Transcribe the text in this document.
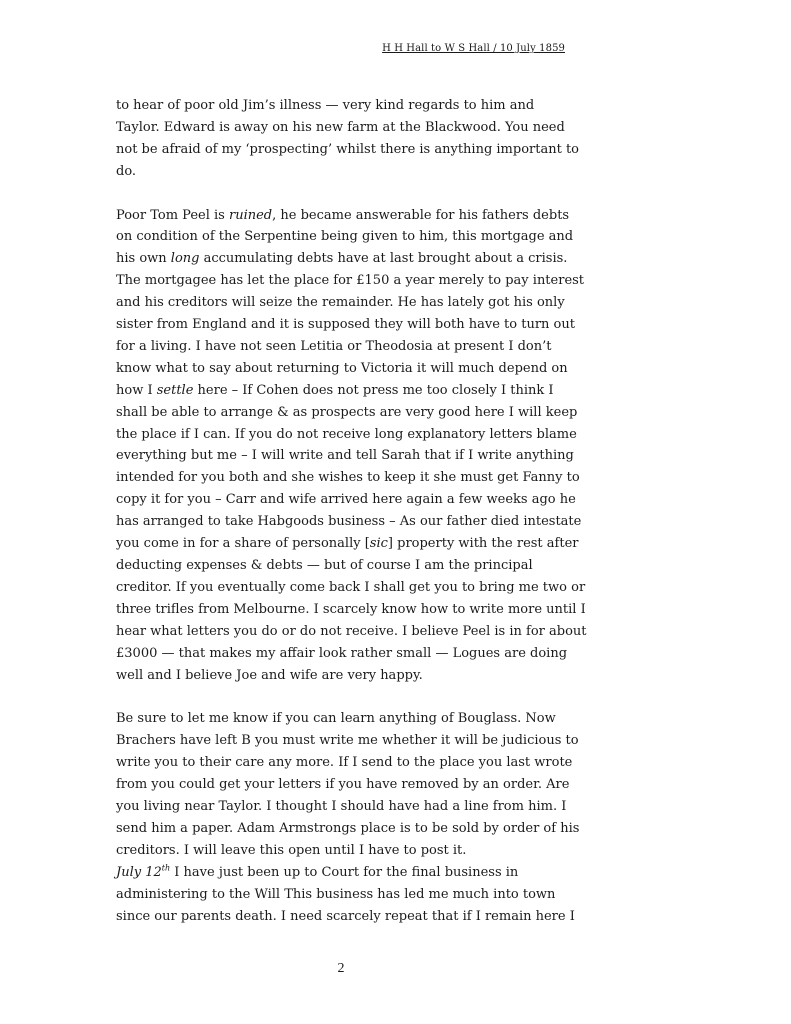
H H Hall to W S Hall / 10 July 1859

to hear of poor old Jim’s illness — very kind regards to him and
Taylor. Edward is away on his new farm at the Blackwood. You need
not be afraid of my ‘prospecting’ whilst there is anything important to
do.

Poor Tom Peel is ruined, he became answerable for his fathers debts
on condition of the Serpentine being given to him, this mortgage and
his own long accumulating debts have at last brought about a crisis.
The mortgagee has let the place for £150 a year merely to pay interest
and his creditors will seize the remainder. He has lately got his only
sister from England and it is supposed they will both have to turn out
for a living. I have not seen Letitia or Theodosia at present I don’t
know what to say about returning to Victoria it will much depend on
how I settle here – If Cohen does not press me too closely I think I
shall be able to arrange & as prospects are very good here I will keep
the place if I can. If you do not receive long explanatory letters blame
everything but me – I will write and tell Sarah that if I write anything
intended for you both and she wishes to keep it she must get Fanny to
copy it for you – Carr and wife arrived here again a few weeks ago he
has arranged to take Habgoods business – As our father died intestate
you come in for a share of personally [sic] property with the rest after
deducting expenses & debts — but of course I am the principal
creditor. If you eventually come back I shall get you to bring me two or
three trifles from Melbourne. I scarcely know how to write more until I
hear what letters you do or do not receive. I believe Peel is in for about
£3000 — that makes my affair look rather small — Logues are doing
well and I believe Joe and wife are very happy.

Be sure to let me know if you can learn anything of Bouglass. Now
Brachers have left B you must write me whether it will be judicious to
write you to their care any more. If I send to the place you last wrote
from you could get your letters if you have removed by an order. Are
you living near Taylor. I thought I should have had a line from him. I
send him a paper. Adam Armstrongs place is to be sold by order of his
creditors. I will leave this open until I have to post it.
July 12th I have just been up to Court for the final business in
administering to the Will This business has led me much into town
since our parents death. I need scarcely repeat that if I remain here I

2
